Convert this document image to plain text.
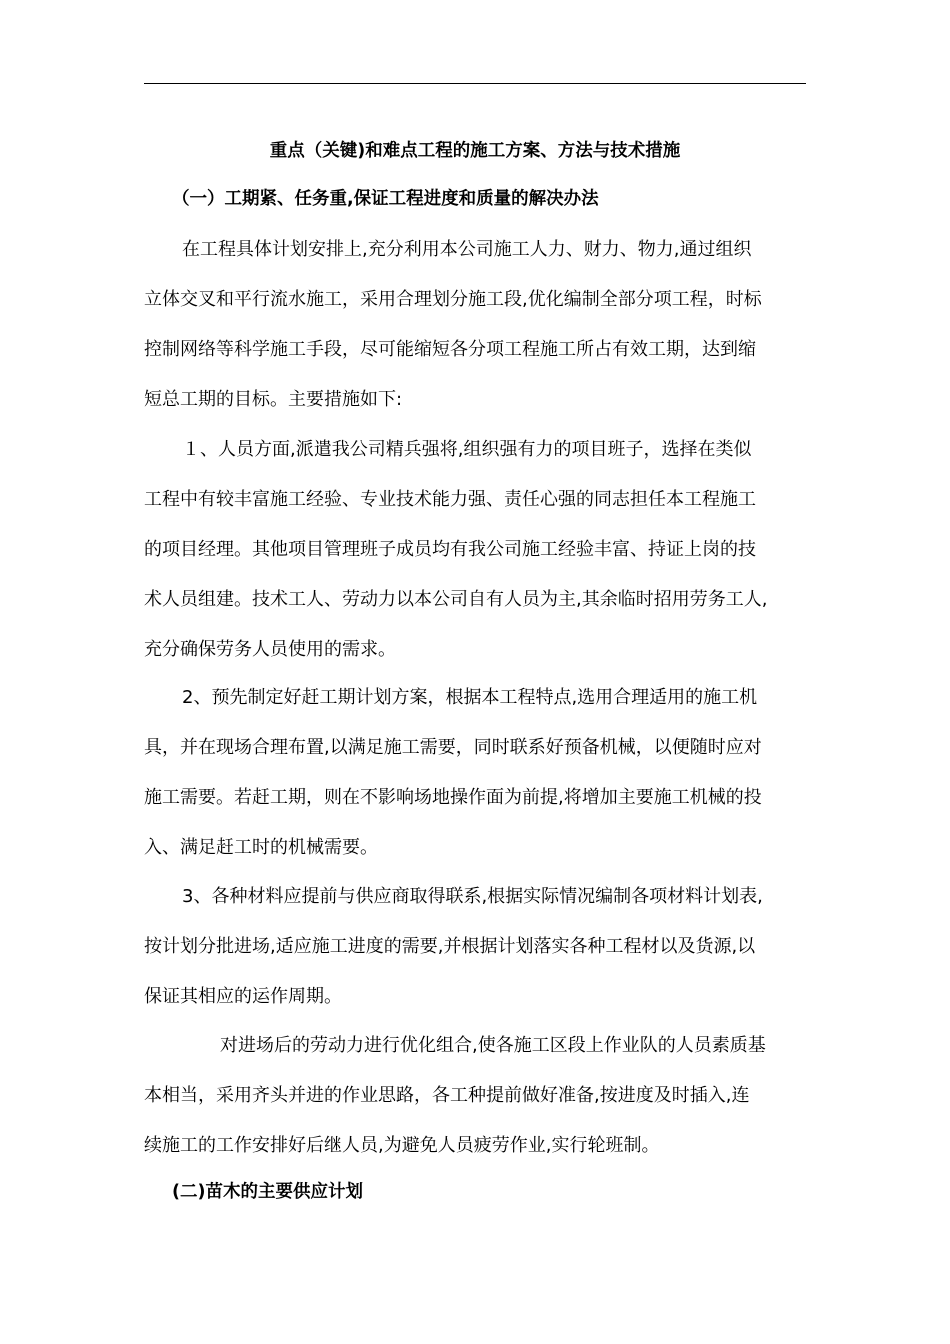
重点（关键)和难点工程的施工方案、方法与技术措施
（一）工期紧、任务重,保证工程进度和质量的解决办法
在工程具体计划安排上,充分利用本公司施工人力、财力、物力,通过组织
立体交叉和平行流水施工，采用合理划分施工段,优化编制全部分项工程，时标
控制网络等科学施工手段，尽可能缩短各分项工程施工所占有效工期，达到缩
短总工期的目标。主要措施如下:
１、人员方面,派遣我公司精兵强将,组织强有力的项目班子，选择在类似
工程中有较丰富施工经验、专业技术能力强、责任心强的同志担任本工程施工
的项目经理。其他项目管理班子成员均有我公司施工经验丰富、持证上岗的技
术人员组建。技术工人、劳动力以本公司自有人员为主,其余临时招用劳务工人,
充分确保劳务人员使用的需求。
2、预先制定好赶工期计划方案，根据本工程特点,选用合理适用的施工机
具，并在现场合理布置,以满足施工需要，同时联系好预备机械，以便随时应对
施工需要。若赶工期，则在不影响场地操作面为前提,将增加主要施工机械的投
入、满足赶工时的机械需要。
3、各种材料应提前与供应商取得联系,根据实际情况编制各项材料计划表,
按计划分批进场,适应施工进度的需要,并根据计划落实各种工程材以及货源,以
保证其相应的运作周期。
对进场后的劳动力进行优化组合,使各施工区段上作业队的人员素质基
本相当，采用齐头并进的作业思路，各工种提前做好准备,按进度及时插入,连
续施工的工作安排好后继人员,为避免人员疲劳作业,实行轮班制。
(二)苗木的主要供应计划
